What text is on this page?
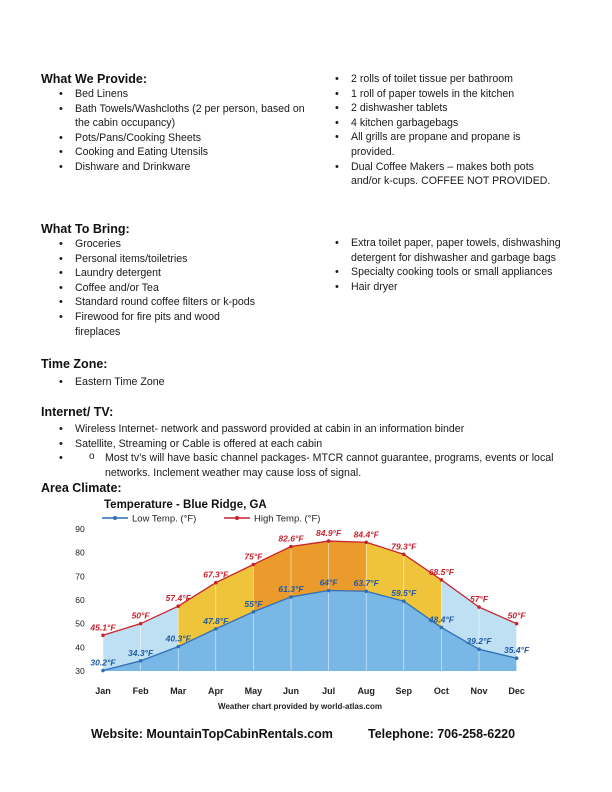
What We Provide:
• Bed Linens
• Bath Towels/Washcloths (2 per person, based on the cabin occupancy)
• Pots/Pans/Cooking Sheets
• Cooking and Eating Utensils
• Dishware and Drinkware
• 2 rolls of toilet tissue per bathroom
• 1 roll of paper towels in the kitchen
• 2 dishwasher tablets
• 4 kitchen garbagebags
• All grills are propane and propane is provided.
• Dual Coffee Makers – makes both pots and/or k-cups. COFFEE NOT PROVIDED.
What To Bring:
• Groceries
• Personal items/toiletries
• Laundry detergent
• Coffee and/or Tea
• Standard round coffee filters or k-pods
• Firewood for fire pits and wood fireplaces
• Extra toilet paper, paper towels, dishwashing detergent for dishwasher and garbage bags
• Specialty cooking tools or small appliances
• Hair dryer
Time Zone:
• Eastern Time Zone
Internet/ TV:
• Wireless Internet- network and password provided at cabin in an information binder
• Satellite, Streaming or Cable is offered at each cabin
o • Most tv’s will have basic channel packages- MTCR cannot guarantee, programs, events or local networks. Inclement weather may cause loss of signal.
Area Climate:
Temperature - Blue Ridge, GA
Low Temp. (°F)	High Temp. (°F)
30
40
50
60
70
80
90
Jan Feb Mar Apr May Jun	Jul Aug Sep Oct Nov Dec
45.1°F
50°F
57.4°F
67.3°F
75°F
82.6°F
84.9°F 84.4°F
79.3°F
68.5°F
57°F
50°F
30.2°F
34.3°F
40.3°F
47.8°F
55°F
61.3°F
64°F 63.7°F
59.5°F
48.4°F
39.2°F
35.4°F
Weather chart provided by world-atlas.com
Website: MountainTopCabinRentals.com	Telephone: 706-258-6220
